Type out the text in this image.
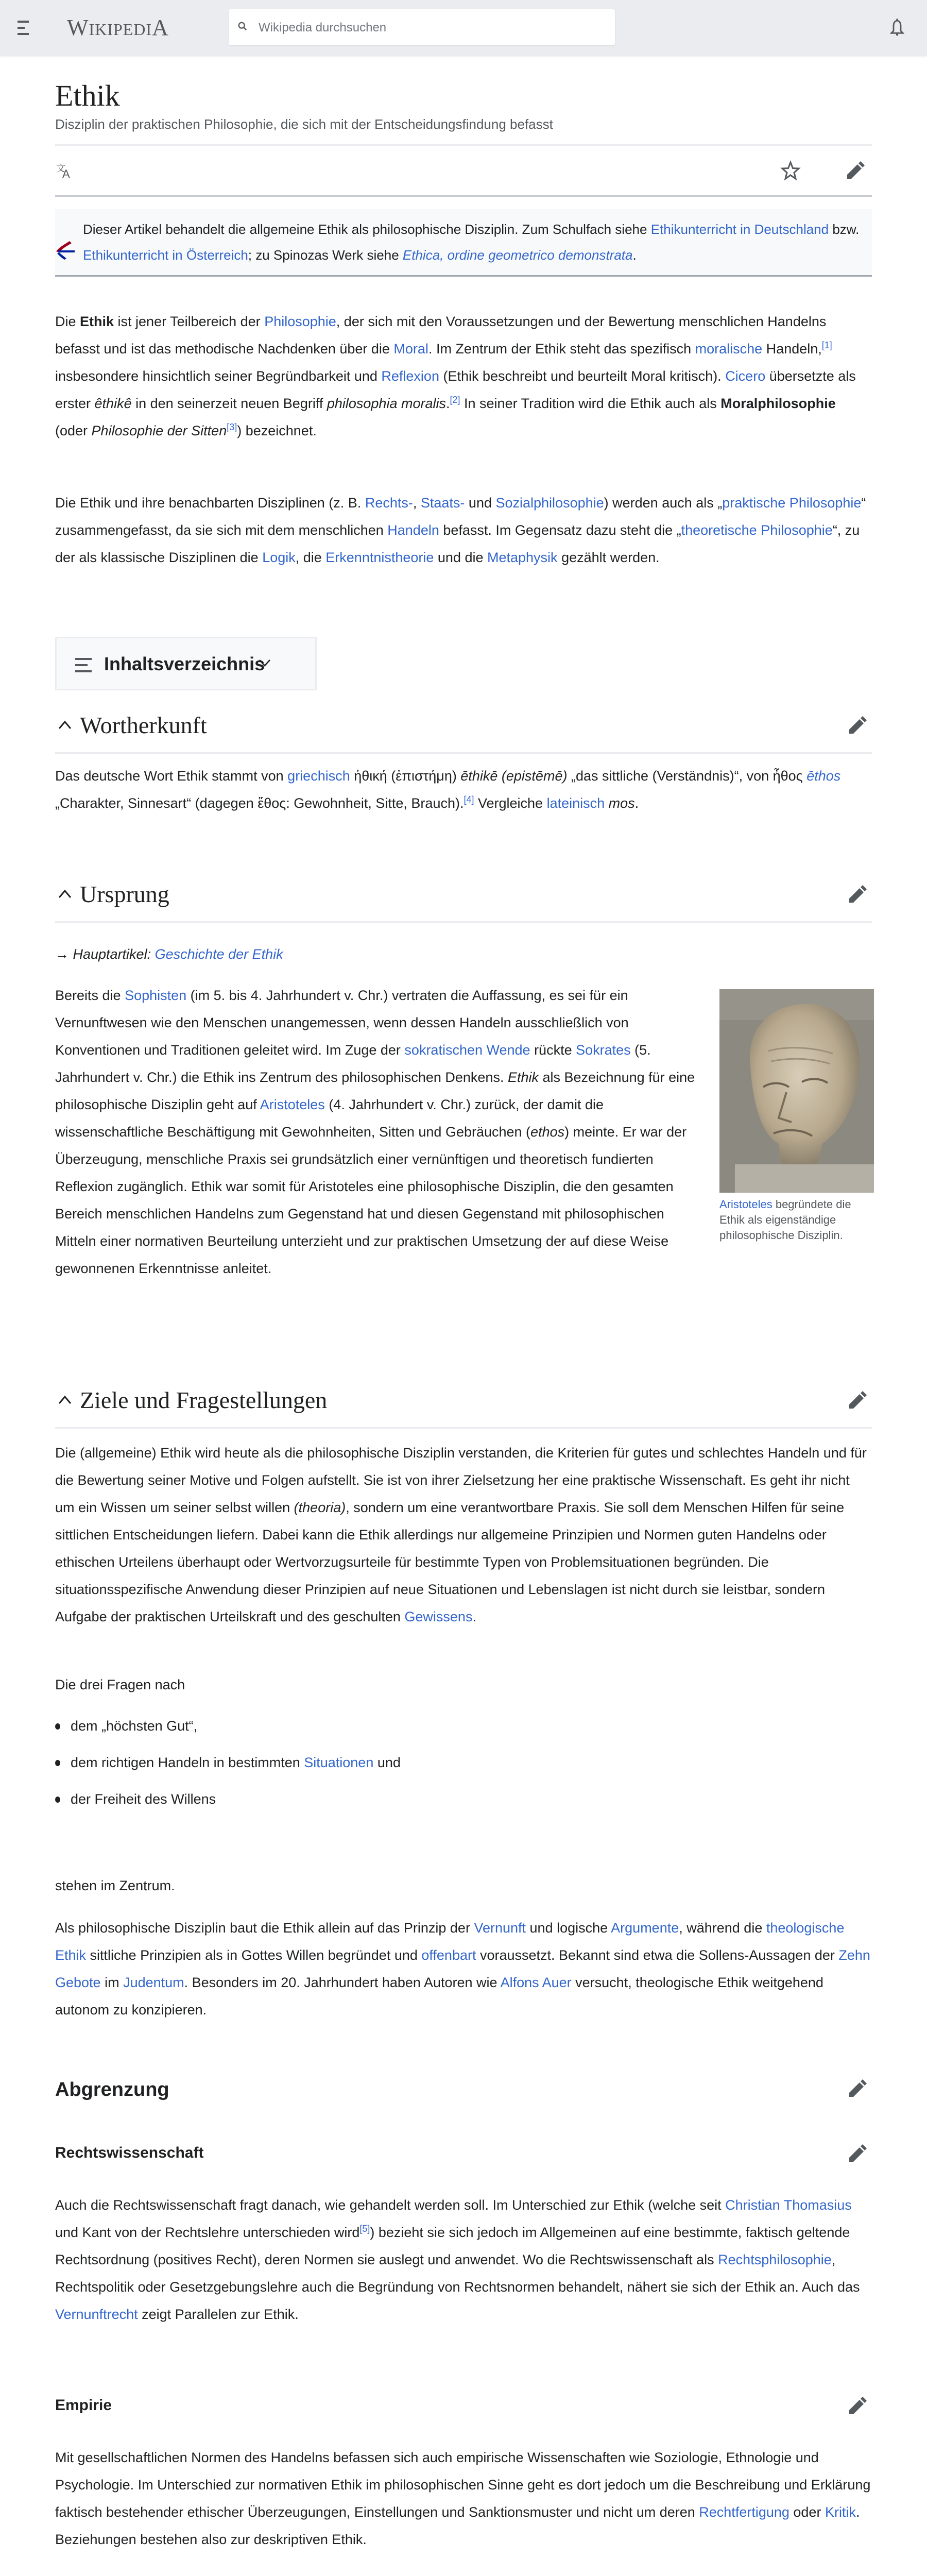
WIKIPEDIA
Wikipedia durchsuchen
Ethik
Disziplin der praktischen Philosophie, die sich mit der Entscheidungsfindung befasst
文
A
Dieser Artikel behandelt die allgemeine Ethik als philosophische Disziplin. Zum Schulfach siehe Ethikunterricht in Deutschland bzw. Ethikunterricht in Österreich; zu Spinozas Werk siehe Ethica, ordine geometrico demonstrata.

Die Ethik ist jener Teilbereich der Philosophie, der sich mit den Voraussetzungen und der Bewertung menschlichen Handelns befasst und ist das methodische Nachdenken über die Moral. Im Zentrum der Ethik steht das spezifisch moralische Handeln,[1] insbesondere hinsichtlich seiner Begründbarkeit und Reflexion (Ethik beschreibt und beurteilt Moral kritisch). Cicero übersetzte als erster êthikê in den seinerzeit neuen Begriff philosophia moralis.[2] In seiner Tradition wird die Ethik auch als Moralphilosophie (oder Philosophie der Sitten[3]) bezeichnet.

Die Ethik und ihre benachbarten Disziplinen (z. B. Rechts-, Staats- und Sozialphilosophie) werden auch als „praktische Philosophie“ zusammengefasst, da sie sich mit dem menschlichen Handeln befasst. Im Gegensatz dazu steht die „theoretische Philosophie“, zu der als klassische Disziplinen die Logik, die Erkenntnistheorie und die Metaphysik gezählt werden.

Inhaltsverzeichnis
Wortherkunft

Das deutsche Wort Ethik stammt von griechisch ἠθική (ἐπιστήμη) ēthikē (epistēmē) „das sittliche (Verständnis)“, von ἦθος ēthos „Charakter, Sinnesart“ (dagegen ἔθος: Gewohnheit, Sitte, Brauch).[4] Vergleiche lateinisch mos.

Ursprung
→ Hauptartikel: Geschichte der Ethik

Bereits die Sophisten (im 5. bis 4. Jahrhundert v. Chr.) vertraten die Auffassung, es sei für ein Vernunftwesen wie den Menschen unangemessen, wenn dessen Handeln ausschließlich von Konventionen und Traditionen geleitet wird. Im Zuge der sokratischen Wende rückte Sokrates (5. Jahrhundert v. Chr.) die Ethik ins Zentrum des philosophischen Denkens. Ethik als Bezeichnung für eine philosophische Disziplin geht auf Aristoteles (4. Jahrhundert v. Chr.) zurück, der damit die wissenschaftliche Beschäftigung mit Gewohnheiten, Sitten und Gebräuchen (ethos) meinte. Er war der Überzeugung, menschliche Praxis sei grundsätzlich einer vernünftigen und theoretisch fundierten Reflexion zugänglich. Ethik war somit für Aristoteles eine philosophische Disziplin, die den gesamten Bereich menschlichen Handelns zum Gegenstand hat und diesen Gegenstand mit philosophischen Mitteln einer normativen Beurteilung unterzieht und zur praktischen Umsetzung der auf diese Weise gewonnenen Erkenntnisse anleitet.

Aristoteles begründete die Ethik als eigenständige philosophische Disziplin.
Ziele und Fragestellungen

Die (allgemeine) Ethik wird heute als die philosophische Disziplin verstanden, die Kriterien für gutes und schlechtes Handeln und für die Bewertung seiner Motive und Folgen aufstellt. Sie ist von ihrer Zielsetzung her eine praktische Wissenschaft. Es geht ihr nicht um ein Wissen um seiner selbst willen (theoria), sondern um eine verantwortbare Praxis. Sie soll dem Menschen Hilfen für seine sittlichen Entscheidungen liefern. Dabei kann die Ethik allerdings nur allgemeine Prinzipien und Normen guten Handelns oder ethischen Urteilens überhaupt oder Wertvorzugsurteile für bestimmte Typen von Problemsituationen begründen. Die situationsspezifische Anwendung dieser Prinzipien auf neue Situationen und Lebenslagen ist nicht durch sie leistbar, sondern Aufgabe der praktischen Urteilskraft und des geschulten Gewissens.

Die drei Fragen nach

dem „höchsten Gut“,
dem richtigen Handeln in bestimmten Situationen und
der Freiheit des Willens

stehen im Zentrum.

Als philosophische Disziplin baut die Ethik allein auf das Prinzip der Vernunft und logische Argumente, während die theologische Ethik sittliche Prinzipien als in Gottes Willen begründet und offenbart voraussetzt. Bekannt sind etwa die Sollens-Aussagen der Zehn Gebote im Judentum. Besonders im 20. Jahrhundert haben Autoren wie Alfons Auer versucht, theologische Ethik weitgehend autonom zu konzipieren.

Abgrenzung
Rechtswissenschaft

Auch die Rechtswissenschaft fragt danach, wie gehandelt werden soll. Im Unterschied zur Ethik (welche seit Christian Thomasius und Kant von der Rechtslehre unterschieden wird[5]) bezieht sie sich jedoch im Allgemeinen auf eine bestimmte, faktisch geltende Rechtsordnung (positives Recht), deren Normen sie auslegt und anwendet. Wo die Rechtswissenschaft als Rechtsphilosophie, Rechtspolitik oder Gesetzgebungslehre auch die Begründung von Rechtsnormen behandelt, nähert sie sich der Ethik an. Auch das Vernunftrecht zeigt Parallelen zur Ethik.

Empirie

Mit gesellschaftlichen Normen des Handelns befassen sich auch empirische Wissenschaften wie Soziologie, Ethnologie und Psychologie. Im Unterschied zur normativen Ethik im philosophischen Sinne geht es dort jedoch um die Beschreibung und Erklärung faktisch bestehender ethischer Überzeugungen, Einstellungen und Sanktionsmuster und nicht um deren Rechtfertigung oder Kritik. Beziehungen bestehen also zur deskriptiven Ethik.
